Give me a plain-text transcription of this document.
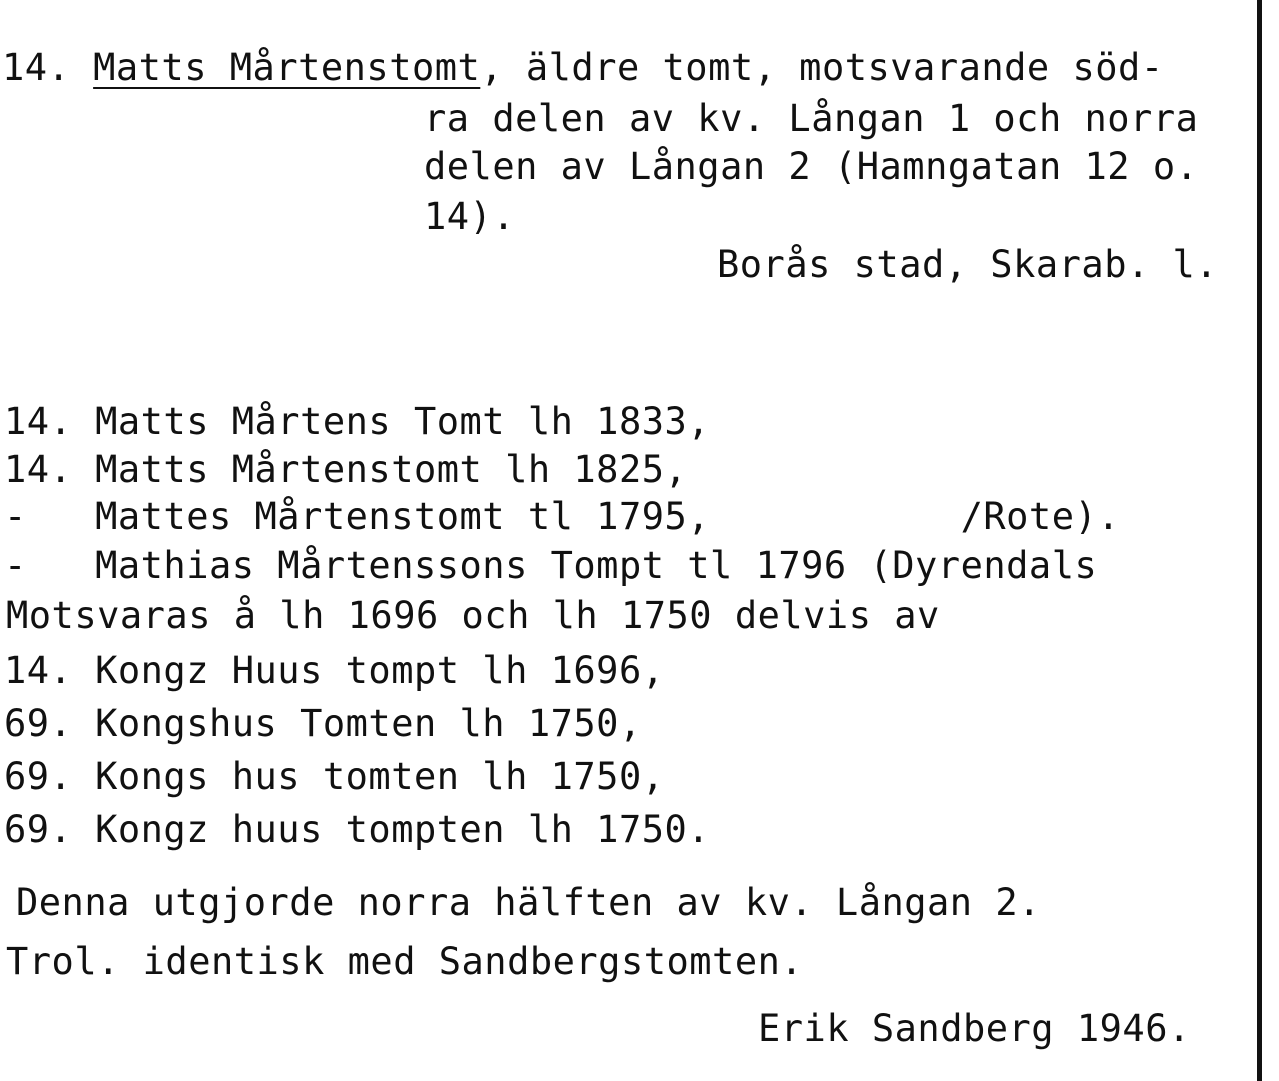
14. Matts Mårtenstomt, äldre tomt, motsvarande söd-
ra delen av kv. Långan 1 och norra
delen av Långan 2 (Hamngatan 12 o.
14).
Borås stad, Skarab. l.
14. Matts Mårtens Tomt lh 1833,
14. Matts Mårtenstomt lh 1825,
-   Mattes Mårtenstomt tl 1795,           /Rote).
-   Mathias Mårtenssons Tompt tl 1796 (Dyrendals
Motsvaras å lh 1696 och lh 1750 delvis av
14. Kongz Huus tompt lh 1696,
69. Kongshus Tomten lh 1750,
69. Kongs hus tomten lh 1750,
69. Kongz huus tompten lh 1750.
Denna utgjorde norra hälften av kv. Långan 2.
Trol. identisk med Sandbergstomten.
Erik Sandberg 1946.
